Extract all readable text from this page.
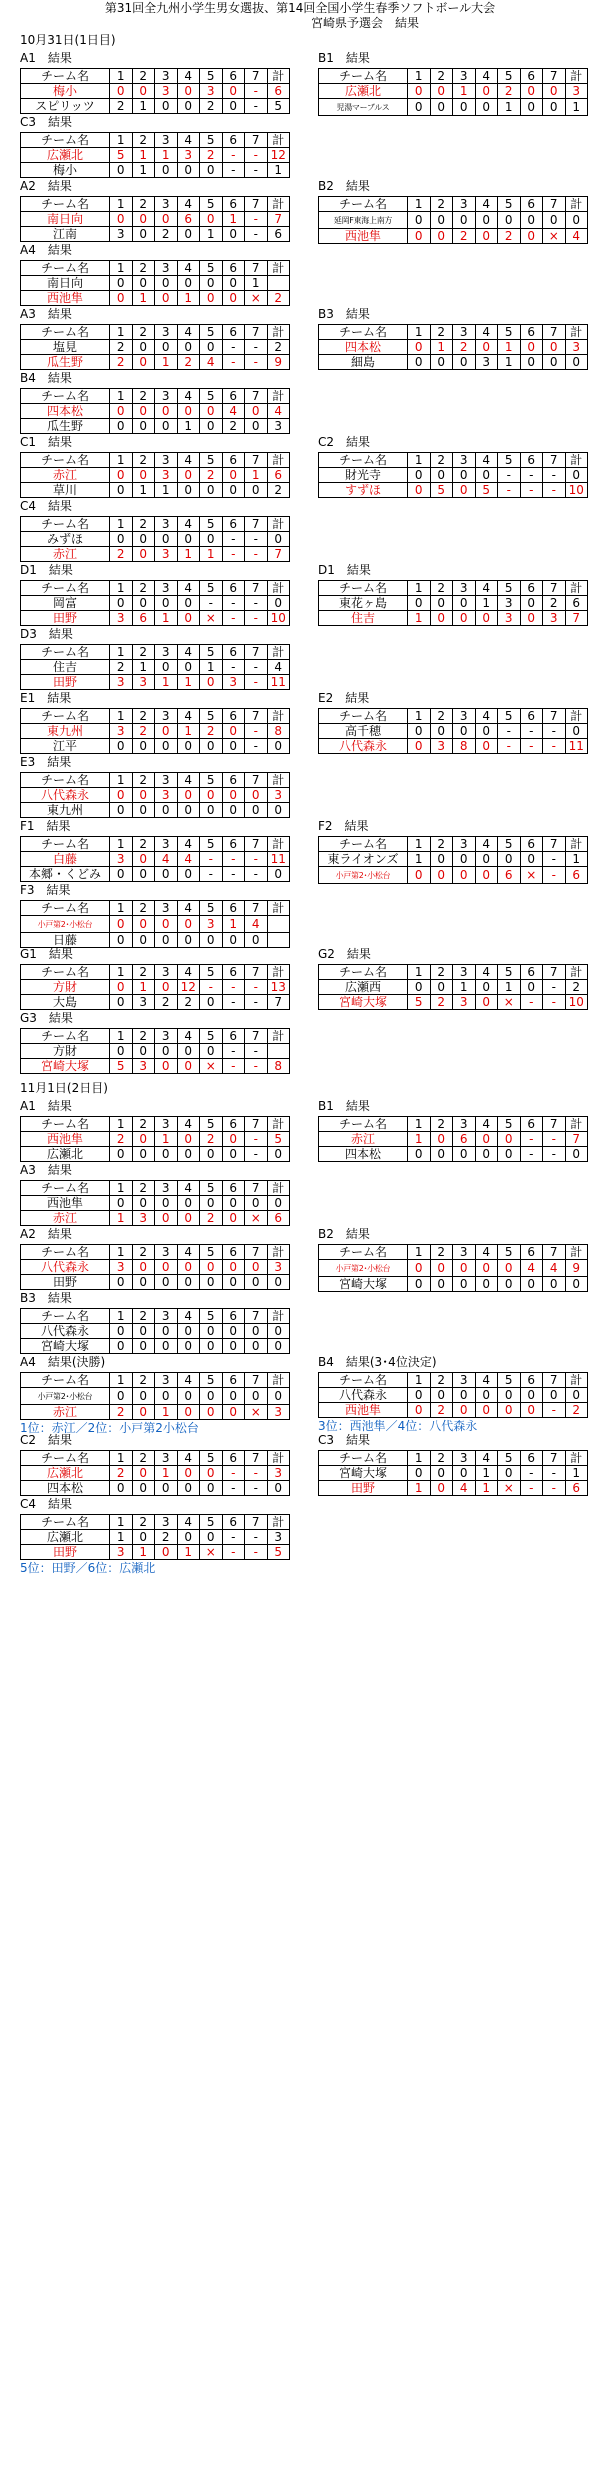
第31回全九州小学生男女選抜、第14回全国小学生春季ソフトボール大会
宮崎県予選会　結果
10月31日(1日目)
A1　結果
チーム名	1	2	3	4	5	6	7	計
梅小	0	0	3	0	3	0	-	6
スピリッツ	2	1	0	0	2	0	-	5
B1　結果
チーム名	1	2	3	4	5	6	7	計
広瀬北	0	0	1	0	2	0	0	3
児湯マーブルス	0	0	0	0	1	0	0	1
C3　結果
チーム名	1	2	3	4	5	6	7	計
広瀬北	5	1	1	3	2	-	-	12
梅小	0	1	0	0	0	-	-	1
A2　結果
チーム名	1	2	3	4	5	6	7	計
南日向	0	0	0	6	0	1	-	7
江南	3	0	2	0	1	0	-	6
B2　結果
チーム名	1	2	3	4	5	6	7	計
延岡F東海上南方	0	0	0	0	0	0	0	0
西池隼	0	0	2	0	2	0	×	4
A4　結果
チーム名	1	2	3	4	5	6	7	計
南日向	0	0	0	0	0	0	1	
西池隼	0	1	0	1	0	0	×	2
A3　結果
チーム名	1	2	3	4	5	6	7	計
塩見	2	0	0	0	0	-	-	2
瓜生野	2	0	1	2	4	-	-	9
B3　結果
チーム名	1	2	3	4	5	6	7	計
四本松	0	1	2	0	1	0	0	3
細島	0	0	0	3	1	0	0	0
B4　結果
チーム名	1	2	3	4	5	6	7	計
四本松	0	0	0	0	0	4	0	4
瓜生野	0	0	0	1	0	2	0	3
C1　結果
チーム名	1	2	3	4	5	6	7	計
赤江	0	0	3	0	2	0	1	6
草川	0	1	1	0	0	0	0	2
C2　結果
チーム名	1	2	3	4	5	6	7	計
財光寺	0	0	0	0	-	-	-	0
すずほ	0	5	0	5	-	-	-	10
C4　結果
チーム名	1	2	3	4	5	6	7	計
みずほ	0	0	0	0	0	-	-	0
赤江	2	0	3	1	1	-	-	7
D1　結果
チーム名	1	2	3	4	5	6	7	計
岡富	0	0	0	0	-	-	-	0
田野	3	6	1	0	×	-	-	10
D1　結果
チーム名	1	2	3	4	5	6	7	計
東花ヶ島	0	0	0	1	3	0	2	6
住吉	1	0	0	0	3	0	3	7
D3　結果
チーム名	1	2	3	4	5	6	7	計
住吉	2	1	0	0	1	-	-	4
田野	3	3	1	1	0	3	-	11
E1　結果
チーム名	1	2	3	4	5	6	7	計
東九州	3	2	0	1	2	0	-	8
江平	0	0	0	0	0	0	-	0
E2　結果
チーム名	1	2	3	4	5	6	7	計
高千穂	0	0	0	0	-	-	-	0
八代森永	0	3	8	0	-	-	-	11
E3　結果
チーム名	1	2	3	4	5	6	7	計
八代森永	0	0	3	0	0	0	0	3
東九州	0	0	0	0	0	0	0	0
F1　結果
チーム名	1	2	3	4	5	6	7	計
白藤	3	0	4	4	-	-	-	11
本郷・くどみ	0	0	0	0	-	-	-	0
F2　結果
チーム名	1	2	3	4	5	6	7	計
東ライオンズ	1	0	0	0	0	0	-	1
小戸第2･小松台	0	0	0	0	6	×	-	6
F3　結果
チーム名	1	2	3	4	5	6	7	計
小戸第2･小松台	0	0	0	0	3	1	4	
日藤	0	0	0	0	0	0	0	
G1　結果
チーム名	1	2	3	4	5	6	7	計
方財	0	1	0	12	-	-	-	13
大島	0	3	2	2	0	-	-	7
G2　結果
チーム名	1	2	3	4	5	6	7	計
広瀬西	0	0	1	0	1	0	-	2
宮崎大塚	5	2	3	0	×	-	-	10
G3　結果
チーム名	1	2	3	4	5	6	7	計
方財	0	0	0	0	0	-	-	
宮崎大塚	5	3	0	0	×	-	-	8
11月1日(2日目)
A1　結果
チーム名	1	2	3	4	5	6	7	計
西池隼	2	0	1	0	2	0	-	5
広瀬北	0	0	0	0	0	0	-	0
B1　結果
チーム名	1	2	3	4	5	6	7	計
赤江	1	0	6	0	0	-	-	7
四本松	0	0	0	0	0	-	-	0
A3　結果
チーム名	1	2	3	4	5	6	7	計
西池隼	0	0	0	0	0	0	0	0
赤江	1	3	0	0	2	0	×	6
A2　結果
チーム名	1	2	3	4	5	6	7	計
八代森永	3	0	0	0	0	0	0	3
田野	0	0	0	0	0	0	0	0
B2　結果
チーム名	1	2	3	4	5	6	7	計
小戸第2･小松台	0	0	0	0	0	4	4	9
宮崎大塚	0	0	0	0	0	0	0	0
B3　結果
チーム名	1	2	3	4	5	6	7	計
八代森永	0	0	0	0	0	0	0	0
宮崎大塚	0	0	0	0	0	0	0	0
A4　結果(決勝)
チーム名	1	2	3	4	5	6	7	計
小戸第2･小松台	0	0	0	0	0	0	0	0
赤江	2	0	1	0	0	0	×	3
1位：赤江／2位：小戸第2小松台
B4　結果(3･4位決定)
チーム名	1	2	3	4	5	6	7	計
八代森永	0	0	0	0	0	0	0	0
西池隼	0	2	0	0	0	0	-	2
3位：西池隼／4位：八代森永
C2　結果
チーム名	1	2	3	4	5	6	7	計
広瀬北	2	0	1	0	0	-	-	3
四本松	0	0	0	0	0	-	-	0
C3　結果
チーム名	1	2	3	4	5	6	7	計
宮崎大塚	0	0	0	1	0	-	-	1
田野	1	0	4	1	×	-	-	6
C4　結果
チーム名	1	2	3	4	5	6	7	計
広瀬北	1	0	2	0	0	-	-	3
田野	3	1	0	1	×	-	-	5
5位：田野／6位：広瀬北
